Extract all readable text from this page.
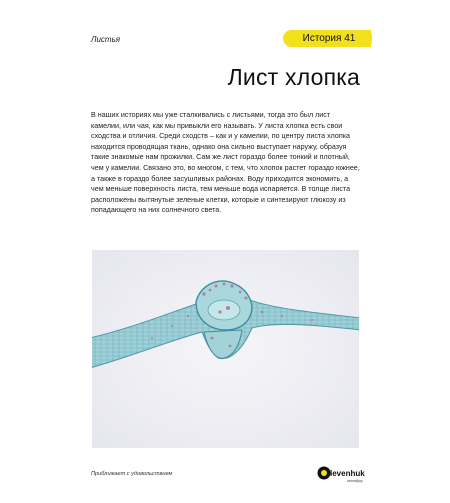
Листья	История 41
Лист хлопка

В наших историях мы уже сталкивались с листьями, тогда это был лист камелии, или чая, как мы привыкли его называть. У листа хлопка есть свои сходства и отличия. Среди сходств – как и у камелии, по центру листа хлопка находится проводящая ткань, однако она сильно выступает наружу, образуя такие знакомые нам прожилки. Сам же лист гораздо более тонкий и плотный, чем у камелии. Связано это, во многом, с тем, что хлопок растет гораздо южнее, а также в гораздо более засушливых районах. Воду приходится экономить, а чем меньше поверхность листа, тем меньше вода испаряется. В толще листа расположены вытянутые зеленые клетки, которые и синтезируют глюкозу из попадающего на них солнечного света.

Приближает с удовольствием	levenhuk
zoom&joy
